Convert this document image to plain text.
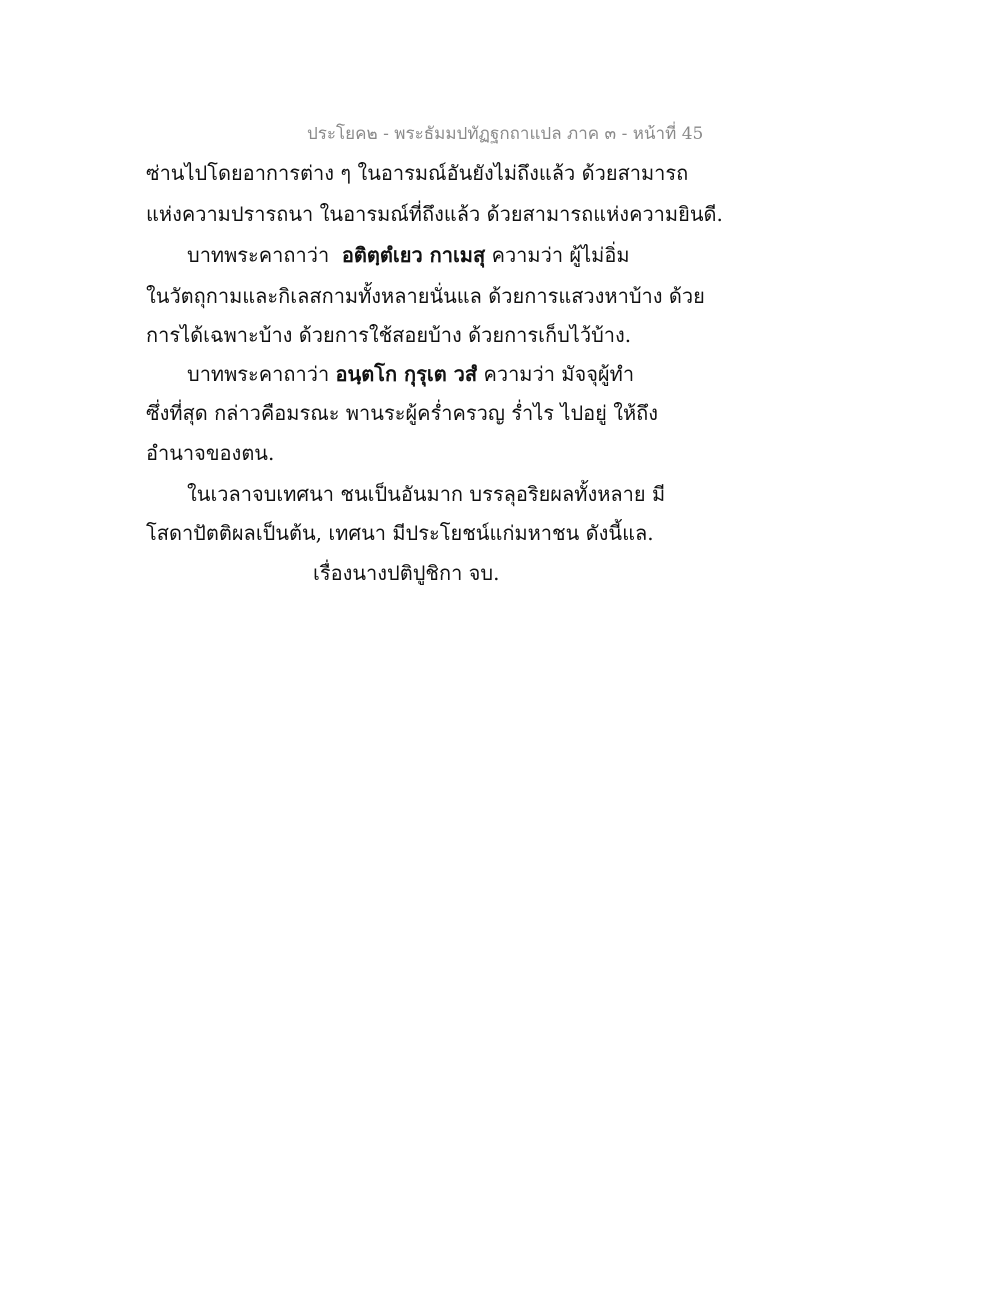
ประโยค๒ - พระธัมมปทัฏฐกถาแปล ภาค ๓ - หน้าที่ 45
ซ่านไปโดยอาการต่าง ๆ ในอารมณ์อันยังไม่ถึงแล้ว ด้วยสามารถ
แห่งความปรารถนา ในอารมณ์ที่ถึงแล้ว ด้วยสามารถแห่งความยินดี.
บาทพระคาถาว่า อติตฺตํเยว กาเมสุ ความว่า ผู้ไม่อิ่ม
ในวัตถุกามและกิเลสกามทั้งหลายนั่นแล ด้วยการแสวงหาบ้าง ด้วย
การได้เฉพาะบ้าง ด้วยการใช้สอยบ้าง ด้วยการเก็บไว้บ้าง.
บาทพระคาถาว่า อนฺตโก กุรุเต วสํ ความว่า มัจจุผู้ทำ
ซึ่งที่สุด กล่าวคือมรณะ พานระผู้คร่ำครวญ ร่ำไร ไปอยู่ ให้ถึง
อำนาจของตน.
ในเวลาจบเทศนา ชนเป็นอันมาก บรรลุอริยผลทั้งหลาย มี
โสดาปัตติผลเป็นต้น, เทศนา มีประโยชน์แก่มหาชน ดังนี้แล.
เรื่องนางปติปูชิกา จบ.
